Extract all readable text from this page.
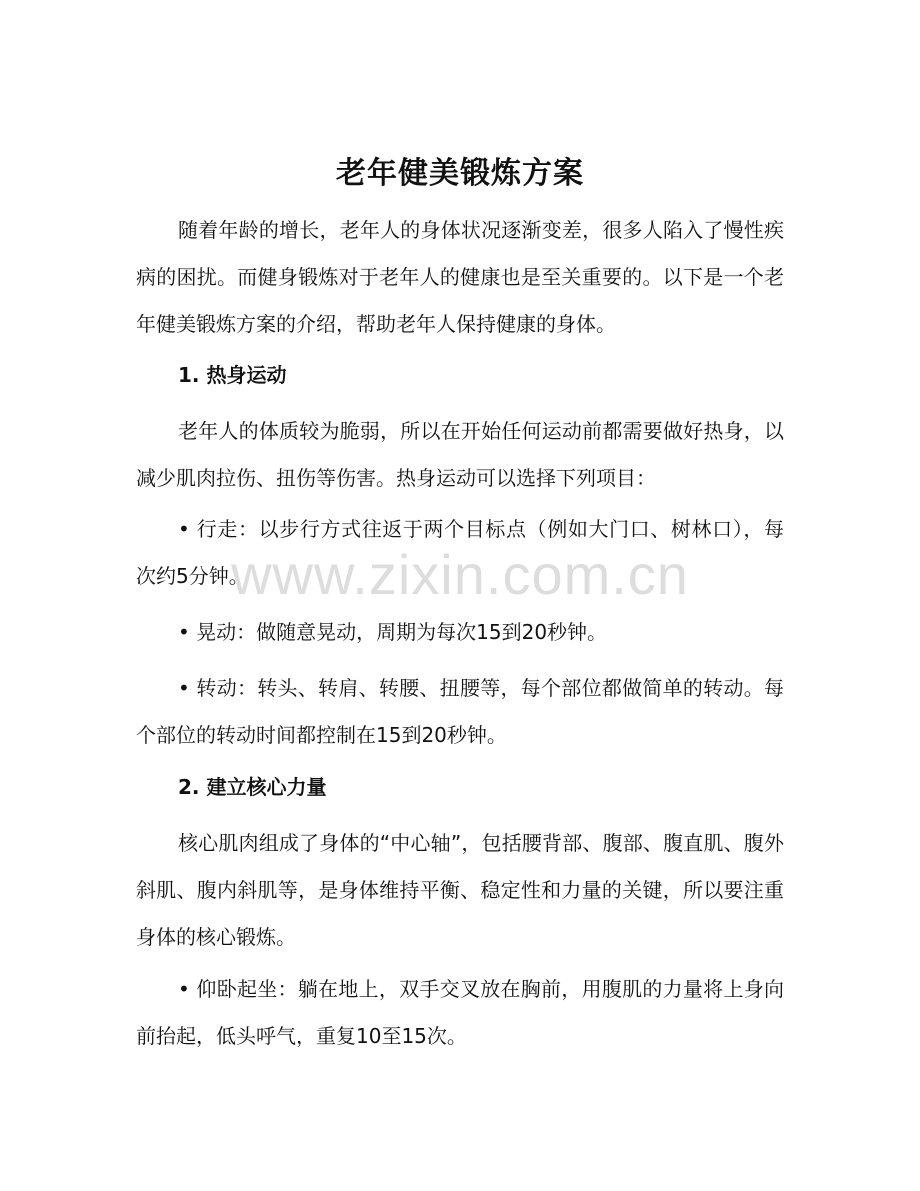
老年健美锻炼方案

随着年龄的增长，老年人的身体状况逐渐变差，很多人陷入了慢性疾病的困扰。而健身锻炼对于老年人的健康也是至关重要的。以下是一个老年健美锻炼方案的介绍，帮助老年人保持健康的身体。

1. 热身运动

老年人的体质较为脆弱，所以在开始任何运动前都需要做好热身，以减少肌肉拉伤、扭伤等伤害。热身运动可以选择下列项目：

• 行走：以步行方式往返于两个目标点（例如大门口、树林口），每次约5分钟。

• 晃动：做随意晃动，周期为每次15到20秒钟。

• 转动：转头、转肩、转腰、扭腰等，每个部位都做简单的转动。每个部位的转动时间都控制在15到20秒钟。

2. 建立核心力量

核心肌肉组成了身体的“中心轴”，包括腰背部、腹部、腹直肌、腹外斜肌、腹内斜肌等，是身体维持平衡、稳定性和力量的关键，所以要注重身体的核心锻炼。

• 仰卧起坐：躺在地上，双手交叉放在胸前，用腹肌的力量将上身向前抬起，低头呼气，重复10至15次。

www.zixin.com.cn
